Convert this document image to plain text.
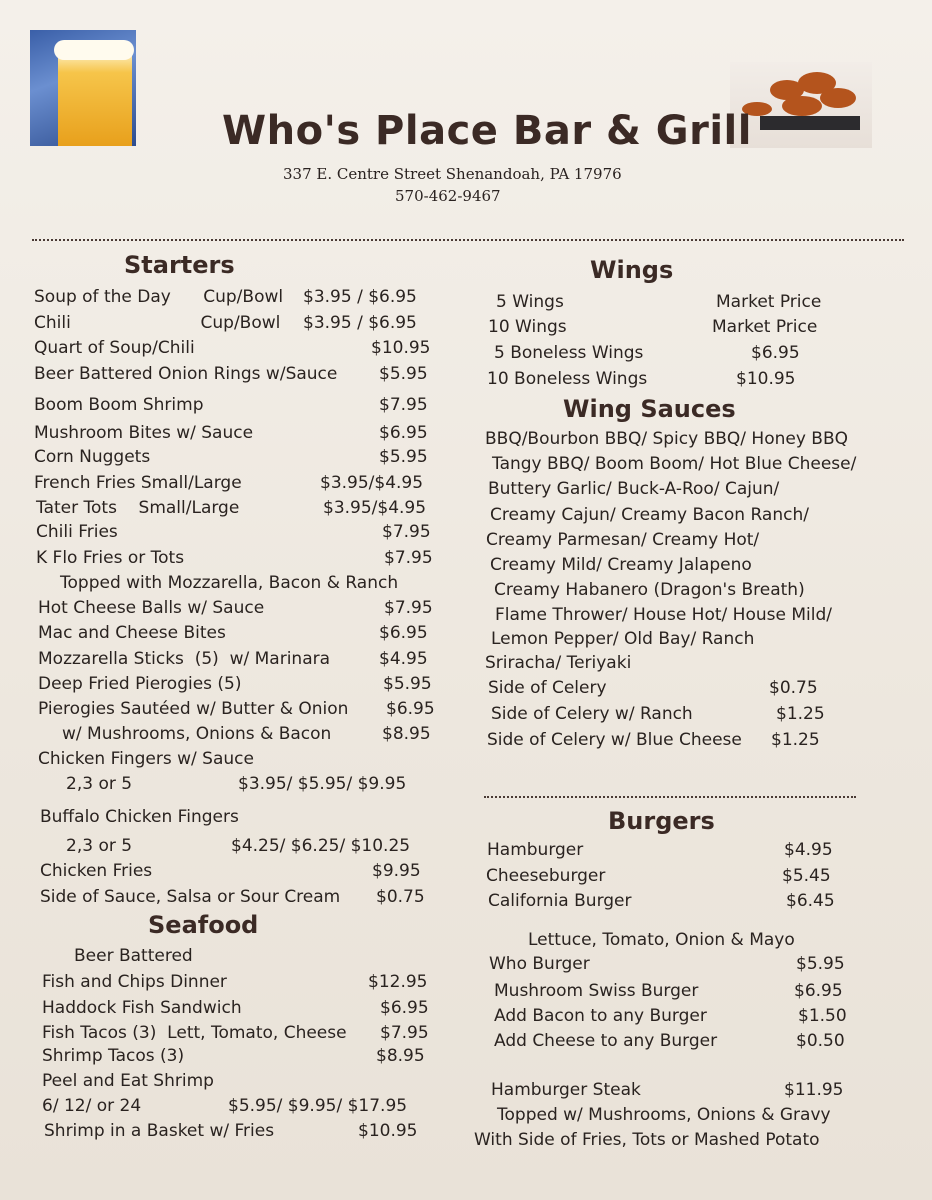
Who's Place Bar & Grill
337 E. Centre Street Shenandoah, PA 17976
570-462-9467
Starters
Soup of the Day      Cup/Bowl $3.95 / $6.95
Chili                        Cup/Bowl $3.95 / $6.95
Quart of Soup/Chili	$10.95
Beer Battered Onion Rings w/Sauce $5.95
Boom Boom Shrimp	$7.95
Mushroom Bites w/ Sauce	$6.95
Corn Nuggets	$5.95
French Fries Small/Large	$3.95/$4.95
Tater Tots    Small/Large	$3.95/$4.95
Chili Fries	$7.95
K Flo Fries or Tots	$7.95
Topped with Mozzarella, Bacon & Ranch
Hot Cheese Balls w/ Sauce	$7.95
Mac and Cheese Bites	$6.95
Mozzarella Sticks  (5)  w/ Marinara	$4.95
Deep Fried Pierogies (5)	$5.95
Pierogies Sautéed w/ Butter & Onion $6.95
w/ Mushrooms, Onions & Bacon	$8.95
Chicken Fingers w/ Sauce
2,3 or 5	$3.95/ $5.95/ $9.95
Buffalo Chicken Fingers
2,3 or 5	$4.25/ $6.25/ $10.25
Chicken Fries	$9.95
Side of Sauce, Salsa or Sour Cream $0.75
Seafood
Beer Battered
Fish and Chips Dinner	$12.95
Haddock Fish Sandwich	$6.95
Fish Tacos (3)  Lett, Tomato, Cheese $7.95
Shrimp Tacos (3)	$8.95
Peel and Eat Shrimp
6/ 12/ or 24	$5.95/ $9.95/ $17.95
Shrimp in a Basket w/ Fries	$10.95
Wings
5 Wings	Market Price
10 Wings	Market Price
5 Boneless Wings	$6.95
10 Boneless Wings	$10.95
Wing Sauces
BBQ/Bourbon BBQ/ Spicy BBQ/ Honey BBQ
Tangy BBQ/ Boom Boom/ Hot Blue Cheese/
Buttery Garlic/ Buck-A-Roo/ Cajun/
Creamy Cajun/ Creamy Bacon Ranch/
Creamy Parmesan/ Creamy Hot/
Creamy Mild/ Creamy Jalapeno
Creamy Habanero (Dragon's Breath)
Flame Thrower/ House Hot/ House Mild/
Lemon Pepper/ Old Bay/ Ranch
Sriracha/ Teriyaki
Side of Celery	$0.75
Side of Celery w/ Ranch	$1.25
Side of Celery w/ Blue Cheese $1.25
Burgers
Hamburger	$4.95
Cheeseburger	$5.45
California Burger	$6.45
Lettuce, Tomato, Onion & Mayo
Who Burger	$5.95
Mushroom Swiss Burger	$6.95
Add Bacon to any Burger	$1.50
Add Cheese to any Burger	$0.50
Hamburger Steak	$11.95
Topped w/ Mushrooms, Onions & Gravy
With Side of Fries, Tots or Mashed Potato
